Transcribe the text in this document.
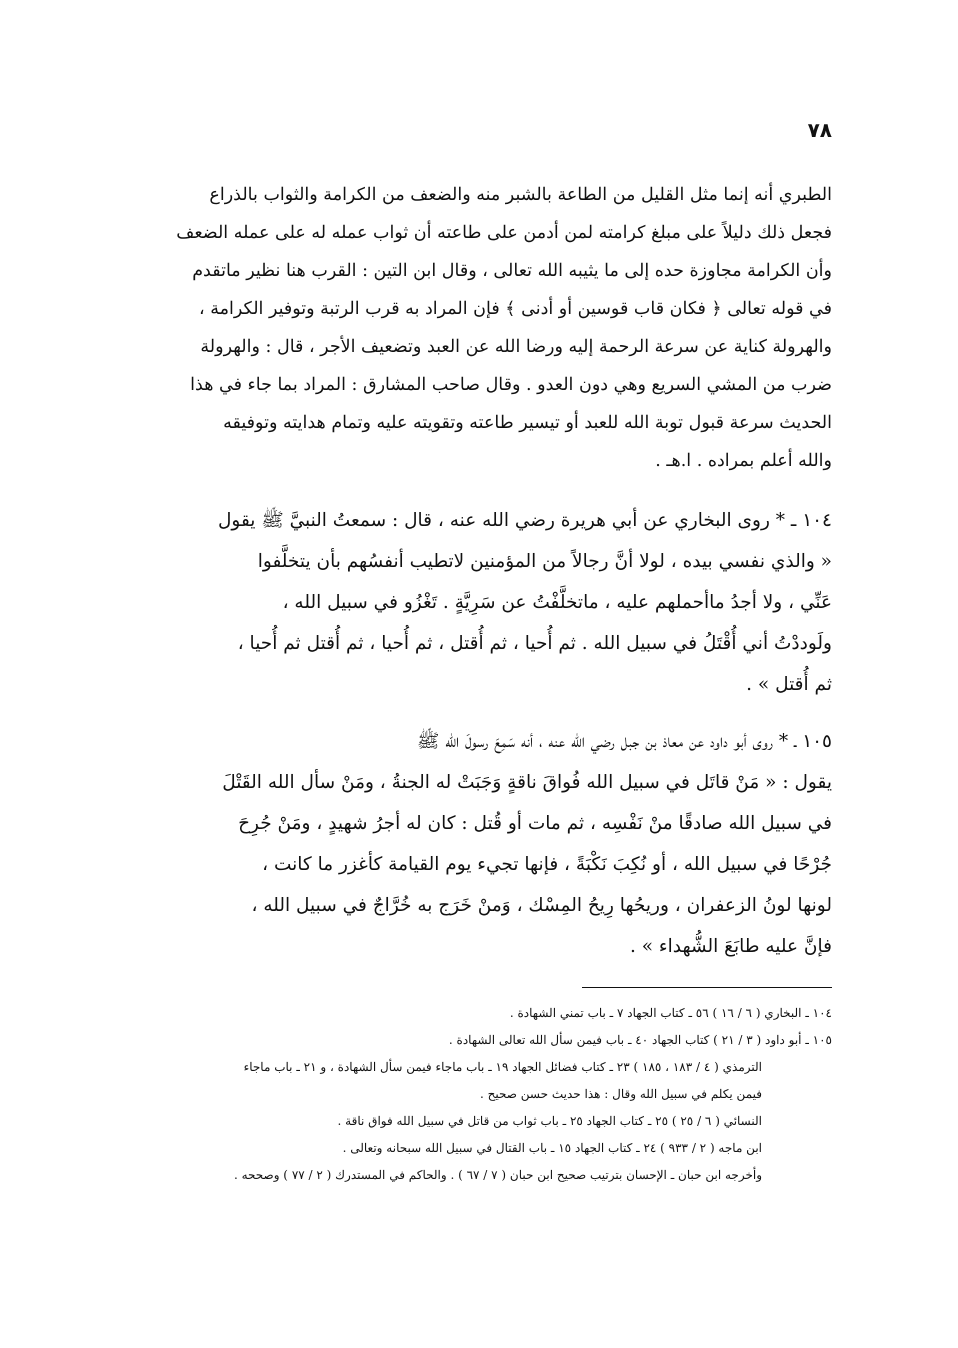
٧٨
الطبري أنه إنما مثل القليل من الطاعة بالشبر منه والضعف من الكرامة والثواب بالذراع
فجعل ذلك دليلاً على مبلغ كرامته لمن أدمن على طاعته أن ثواب عمله له على عمله الضعف
وأن الكرامة مجاوزة حده إلى ما يثيبه الله تعالى ، وقال ابن التين : القرب هنا نظير ماتقدم
في قوله تعالى ﴿ فكان قاب قوسين أو أدنى ﴾ فإن المراد به قرب الرتبة وتوفير الكرامة ،
والهرولة كناية عن سرعة الرحمة إليه ورضا الله عن العبد وتضعيف الأجر ، قال : والهرولة
ضرب من المشي السريع وهي دون العدو . وقال صاحب المشارق : المراد بما جاء في هذا
الحديث سرعة قبول توبة الله للعبد أو تيسير طاعته وتقويته عليه وتمام هدايته وتوفيقه
والله أعلم بمراده . ا.هـ .
١٠٤ ـ * روى البخاري عن أبي هريرة رضي الله عنه ، قال : سمعتُ النبيَّ ﷺ يقول
« والذي نفسي بيده ، لولا أنَّ رجالاً من المؤمنين لاتطيب أنفسُهم بأن يتخلَّفوا
عَنِّي ، ولا أجدُ ماأحملهم عليه ، ماتخلَّفْتُ عن سَرِيَّةٍ . تَغْزُو في سبيل الله ،
ولَوددْتُ أني أُقْتَلُ في سبيل الله . ثم أُحيا ، ثم أُقتل ، ثم أُحيا ، ثم أُقتل ثم أُحيا ،
ثم أُقتل » .
١٠٥ ـ * روى أبو داود عن معاذ بن جبل رضي الله عنه ، أنه سَمِعَ رسولَ الله ﷺ
يقول : « مَنْ قاتَل في سبيل الله فُواقَ ناقةٍ وَجَبَتْ له الجنةُ ، ومَنْ سأل الله القَتْلَ
في سبيل الله صادقًا منْ نَفْسِه ، ثم مات أو قُتل : كان له أجرُ شهيدٍ ، ومَنْ جُرِحَ
جُرْحًا في سبيل الله ، أو نُكِبَ نَكْبَةً ، فإنها تجيء يوم القيامة كأغزر ما كانت ،
لونها لونُ الزعفران ، وريحُها رِيحُ المِسْك ، وَمنْ خَرَج به خُرَّاجٌ في سبيل الله ،
فإنَّ عليه طابَعَ الشُّهداء » .
١٠٤ ـ البخاري ( ٦ / ١٦ ) ٥٦ ـ كتاب الجهاد ٧ ـ باب تمني الشهادة .
١٠٥ ـ أبو داود ( ٣ / ٢١ ) كتاب الجهاد ٤٠ ـ باب فيمن سأل الله تعالى الشهادة .
الترمذي ( ٤ / ١٨٣ ، ١٨٥ ) ٢٣ ـ كتاب فضائل الجهاد ١٩ ـ باب ماجاء فيمن سأل الشهادة ، و ٢١ ـ باب ماجاء
فيمن يكلم في سبيل الله وقال : هذا حديث حسن صحيح .
النسائي ( ٦ / ٢٥ ) ٢٥ ـ كتاب الجهاد ٢٥ ـ باب ثواب من قاتل في سبيل الله فواق ناقة .
ابن ماجه ( ٢ / ٩٣٣ ) ٢٤ ـ كتاب الجهاد ١٥ ـ باب القتال في سبيل الله سبحانه وتعالى .
وأخرجه ابن حبان ـ الإحسان بترتيب صحيح ابن حبان ( ٧ / ٦٧ ) . والحاكم في المستدرك ( ٢ / ٧٧ ) وصححه .
